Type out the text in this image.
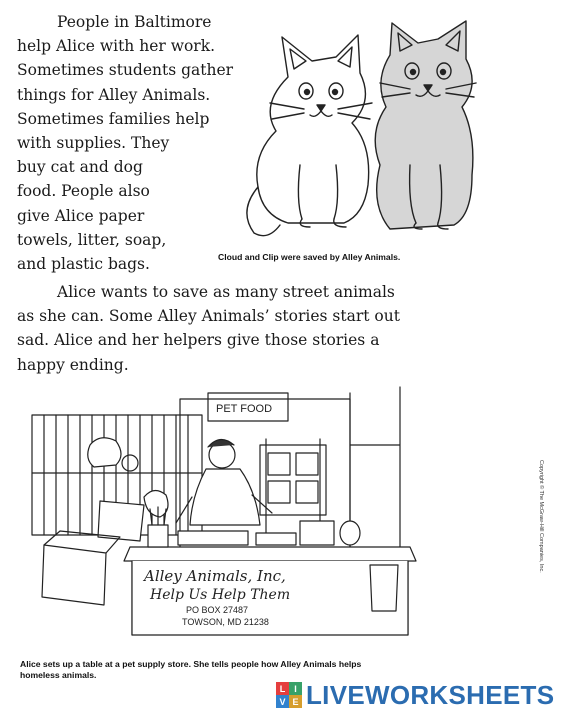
People in Baltimore
help Alice with her work.
Sometimes students gather
things for Alley Animals.
Sometimes families help
with supplies. They
buy cat and dog
food. People also
give Alice paper
towels, litter, soap,
and plastic bags.	Cloud and Clip were saved by Alley Animals.
Alice wants to save as many street animals
as she can. Some Alley Animals’ stories start out
sad. Alice and her helpers give those stories a
happy ending.
PET FOOD
Alley Animals, Inc,
Help Us Help Them
PO BOX 27487
TOWSON, MD 21238
Copyright © The McGraw-Hill Companies, Inc.
Alice sets up a table at a pet supply store. She tells people how Alley Animals helps homeless animals.
L I
V E LIVEWORKSHEETS
